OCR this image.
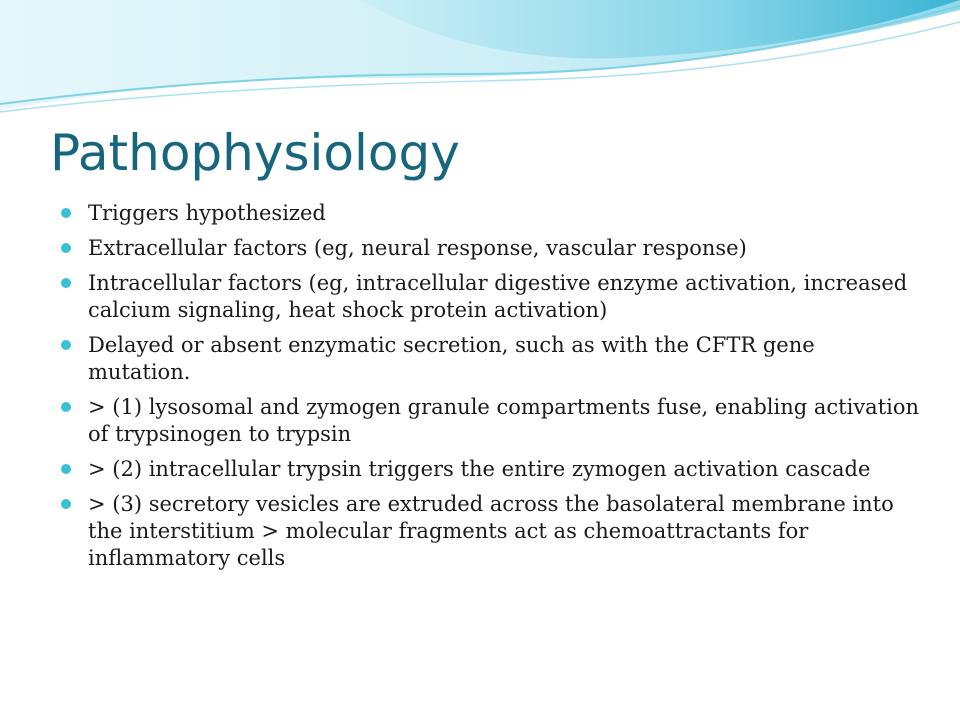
Pathophysiology
Triggers hypothesized
Extracellular factors (eg, neural response, vascular response)
Intracellular factors (eg, intracellular digestive enzyme activation, increased calcium signaling, heat shock protein activation)
Delayed or absent enzymatic secretion, such as with the CFTR gene mutation.
> (1) lysosomal and zymogen granule compartments fuse, enabling activation of trypsinogen to trypsin
> (2) intracellular trypsin triggers the entire zymogen activation cascade
> (3) secretory vesicles are extruded across the basolateral membrane into the interstitium > molecular fragments act as chemoattractants for inflammatory cells
